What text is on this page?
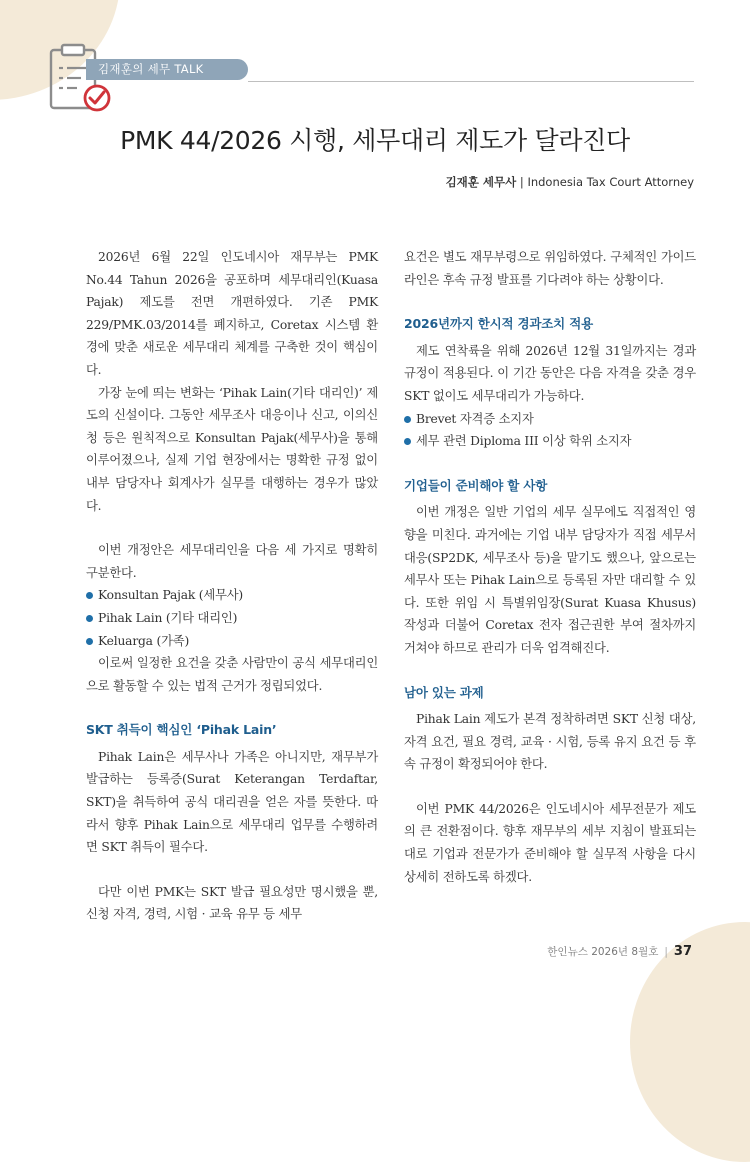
김재훈의 세무 TALK
PMK 44/2026 시행, 세무대리 제도가 달라진다
김재훈 세무사 | Indonesia Tax Court Attorney

2026년 6월 22일 인도네시아 재무부는 PMK No.44 Tahun 2026을 공포하며 세무대리인(Kuasa Pajak) 제도를 전면 개편하였다. 기존 PMK 229/PMK.03/2014를 폐지하고, Coretax 시스템 환경에 맞춘 새로운 세무대리 체계를 구축한 것이 핵심이다.

가장 눈에 띄는 변화는 ‘Pihak Lain(기타 대리인)’ 제도의 신설이다. 그동안 세무조사 대응이나 신고, 이의신청 등은 원칙적으로 Konsultan Pajak(세무사)을 통해 이루어졌으나, 실제 기업 현장에서는 명확한 규정 없이 내부 담당자나 회계사가 실무를 대행하는 경우가 많았다.

이번 개정안은 세무대리인을 다음 세 가지로 명확히 구분한다.

Konsultan Pajak (세무사)
Pihak Lain (기타 대리인)
Keluarga (가족)

이로써 일정한 요건을 갖춘 사람만이 공식 세무대리인으로 활동할 수 있는 법적 근거가 정립되었다.

SKT 취득이 핵심인 ‘Pihak Lain’

Pihak Lain은 세무사나 가족은 아니지만, 재무부가 발급하는 등록증(Surat Keterangan Terdaftar, SKT)을 취득하여 공식 대리권을 얻은 자를 뜻한다. 따라서 향후 Pihak Lain으로 세무대리 업무를 수행하려면 SKT 취득이 필수다.

다만 이번 PMK는 SKT 발급 필요성만 명시했을 뿐, 신청 자격, 경력, 시험 · 교육 유무 등 세무

요건은 별도 재무부령으로 위임하였다. 구체적인 가이드라인은 후속 규정 발표를 기다려야 하는 상황이다.

2026년까지 한시적 경과조치 적용

제도 연착륙을 위해 2026년 12월 31일까지는 경과규정이 적용된다. 이 기간 동안은 다음 자격을 갖춘 경우 SKT 없이도 세무대리가 가능하다.

Brevet 자격증 소지자
세무 관련 Diploma III 이상 학위 소지자
기업들이 준비해야 할 사항

이번 개정은 일반 기업의 세무 실무에도 직접적인 영향을 미친다. 과거에는 기업 내부 담당자가 직접 세무서 대응(SP2DK, 세무조사 등)을 맡기도 했으나, 앞으로는 세무사 또는 Pihak Lain으로 등록된 자만 대리할 수 있다. 또한 위임 시 특별위임장(Surat Kuasa Khusus) 작성과 더불어 Coretax 전자 접근권한 부여 절차까지 거쳐야 하므로 관리가 더욱 엄격해진다.

남아 있는 과제

Pihak Lain 제도가 본격 정착하려면 SKT 신청 대상, 자격 요건, 필요 경력, 교육 · 시험, 등록 유지 요건 등 후속 규정이 확정되어야 한다.

이번 PMK 44/2026은 인도네시아 세무전문가 제도의 큰 전환점이다. 향후 재무부의 세부 지침이 발표되는 대로 기업과 전문가가 준비해야 할 실무적 사항을 다시 상세히 전하도록 하겠다.

한인뉴스 2026년 8월호 | 37
